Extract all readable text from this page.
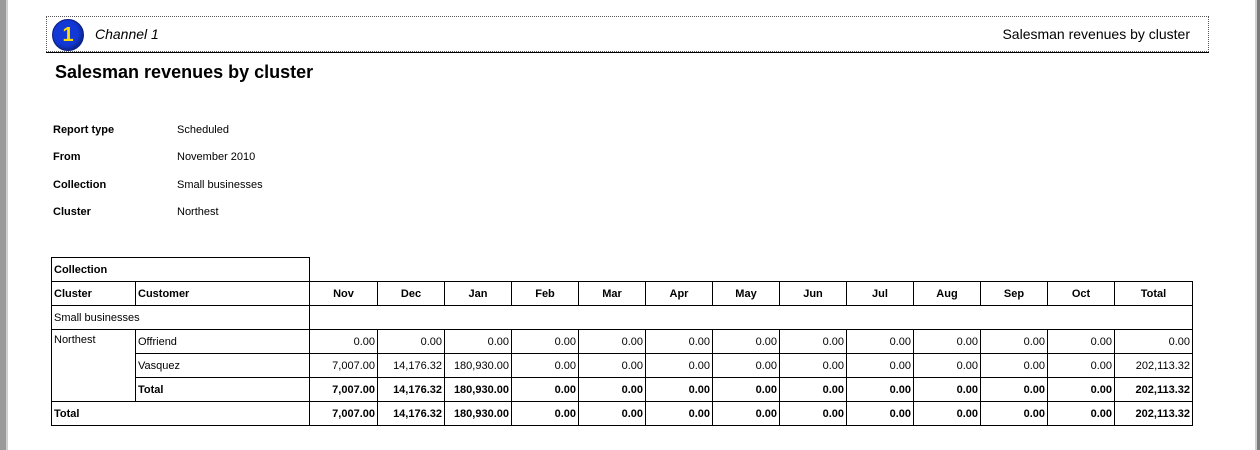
1	Channel 1	Salesman revenues by cluster
Salesman revenues by cluster
Report type	Scheduled
From	November 2010
Collection	Small businesses
Cluster	Northest
Collection														
Cluster	Customer	Nov	Dec	Jan	Feb	Mar	Apr	May	Jun	Jul	Aug	Sep	Oct	Total
Small businesses														
Northest	Offriend	0.00	0.00	0.00	0.00	0.00	0.00	0.00	0.00	0.00	0.00	0.00	0.00	0.00
	Vasquez	7,007.00	14,176.32	180,930.00	0.00	0.00	0.00	0.00	0.00	0.00	0.00	0.00	0.00	202,113.32
	Total	7,007.00	14,176.32	180,930.00	0.00	0.00	0.00	0.00	0.00	0.00	0.00	0.00	0.00	202,113.32
Total		7,007.00	14,176.32	180,930.00	0.00	0.00	0.00	0.00	0.00	0.00	0.00	0.00	0.00	202,113.32
